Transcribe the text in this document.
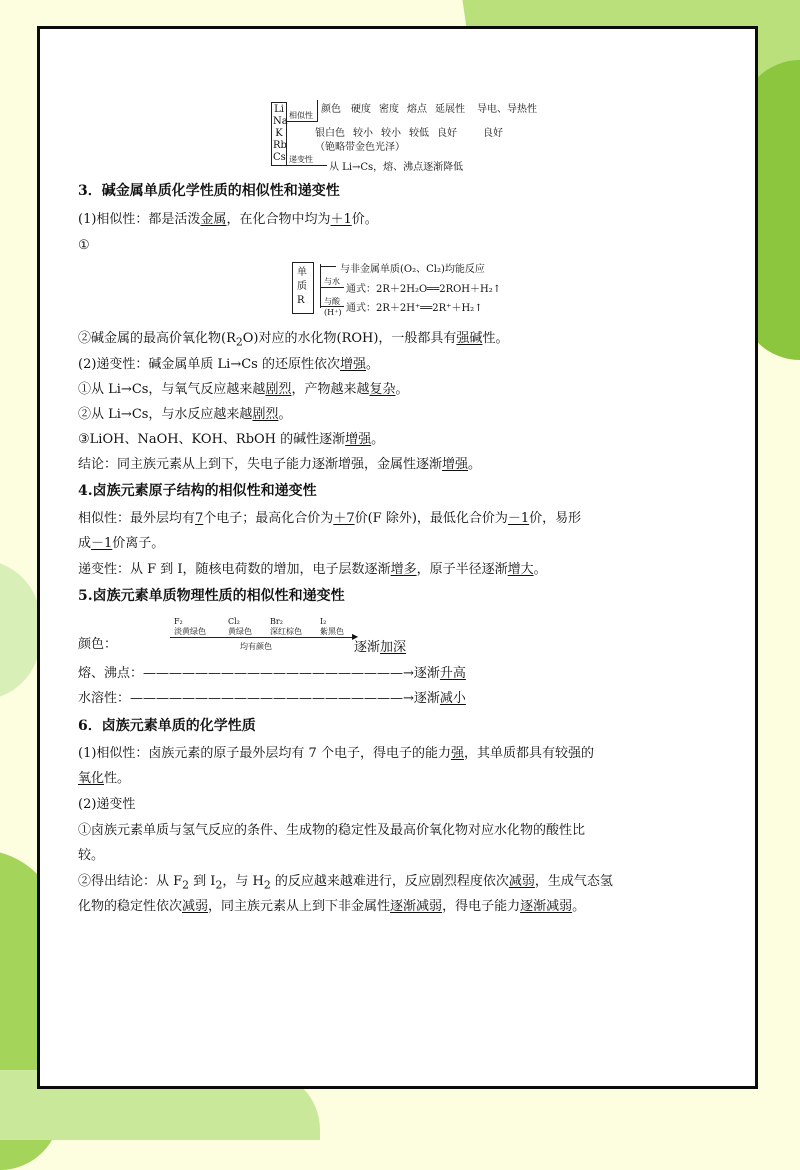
Li
Na
K
Rb
Cs
相似性
颜色 硬度 密度 熔点 延展性 导电、导热性
银白色 较小 较小 较低 良好	良好
（铯略带金色光泽）
递变性
从 Li→Cs，熔、沸点逐渐降低
3．碱金属单质化学性质的相似性和递变性
(1)相似性：都是活泼金属，在化合物中均为＋1价。
①
②碱金属的最高价氧化物$(R_2O)$对应的水化物(ROH)，一般都具有强碱性。
(2)递变性：碱金属单质 Li→Cs 的还原性依次增强。
①从 Li→Cs，与氧气反应越来越剧烈，产物越来越复杂。
②从 Li→Cs，与水反应越来越剧烈。
③LiOH、NaOH、KOH、RbOH 的碱性逐渐增强。
结论：同主族元素从上到下，失电子能力逐渐增强，金属性逐渐增强。
4.卤族元素原子结构的相似性和递变性
相似性：最外层均有7个电子；最高化合价为＋7价(F 除外)，最低化合价为－1价，易形
成－1价离子。
递变性：从 F 到 I，随核电荷数的增加，电子层数逐渐增多，原子半径逐渐增大。
5.卤族元素单质物理性质的相似性和递变性
颜色：	逐渐加深
熔、沸点：————————————————————→逐渐升高
水溶性：—————————————————————→逐渐减小
6．卤族元素单质的化学性质
(1)相似性：卤族元素的原子最外层均有 7 个电子，得电子的能力强，其单质都具有较强的
氧化性。
(2)递变性
①卤族元素单质与氢气反应的条件、生成物的稳定性及最高价氧化物对应水化物的酸性比
较。
②得出结论：从 $F_2$ 到 $I_2$，与 $H_2$ 的反应越来越难进行，反应剧烈程度依次减弱，生成气态氢
化物的稳定性依次减弱，同主族元素从上到下非金属性逐渐减弱，得电子能力逐渐减弱。
单
质
R
与非金属单质(O₂、Cl₂)均能反应
与水
通式：2R＋2H₂O══2ROH＋H₂↑
与酸
(H⁺) 通式：2R＋2H⁺══2R⁺＋H₂↑
F₂	Cl₂	Br₂	I₂
淡黄绿色	黄绿色 深红棕色 紫黑色
▶
均有颜色
